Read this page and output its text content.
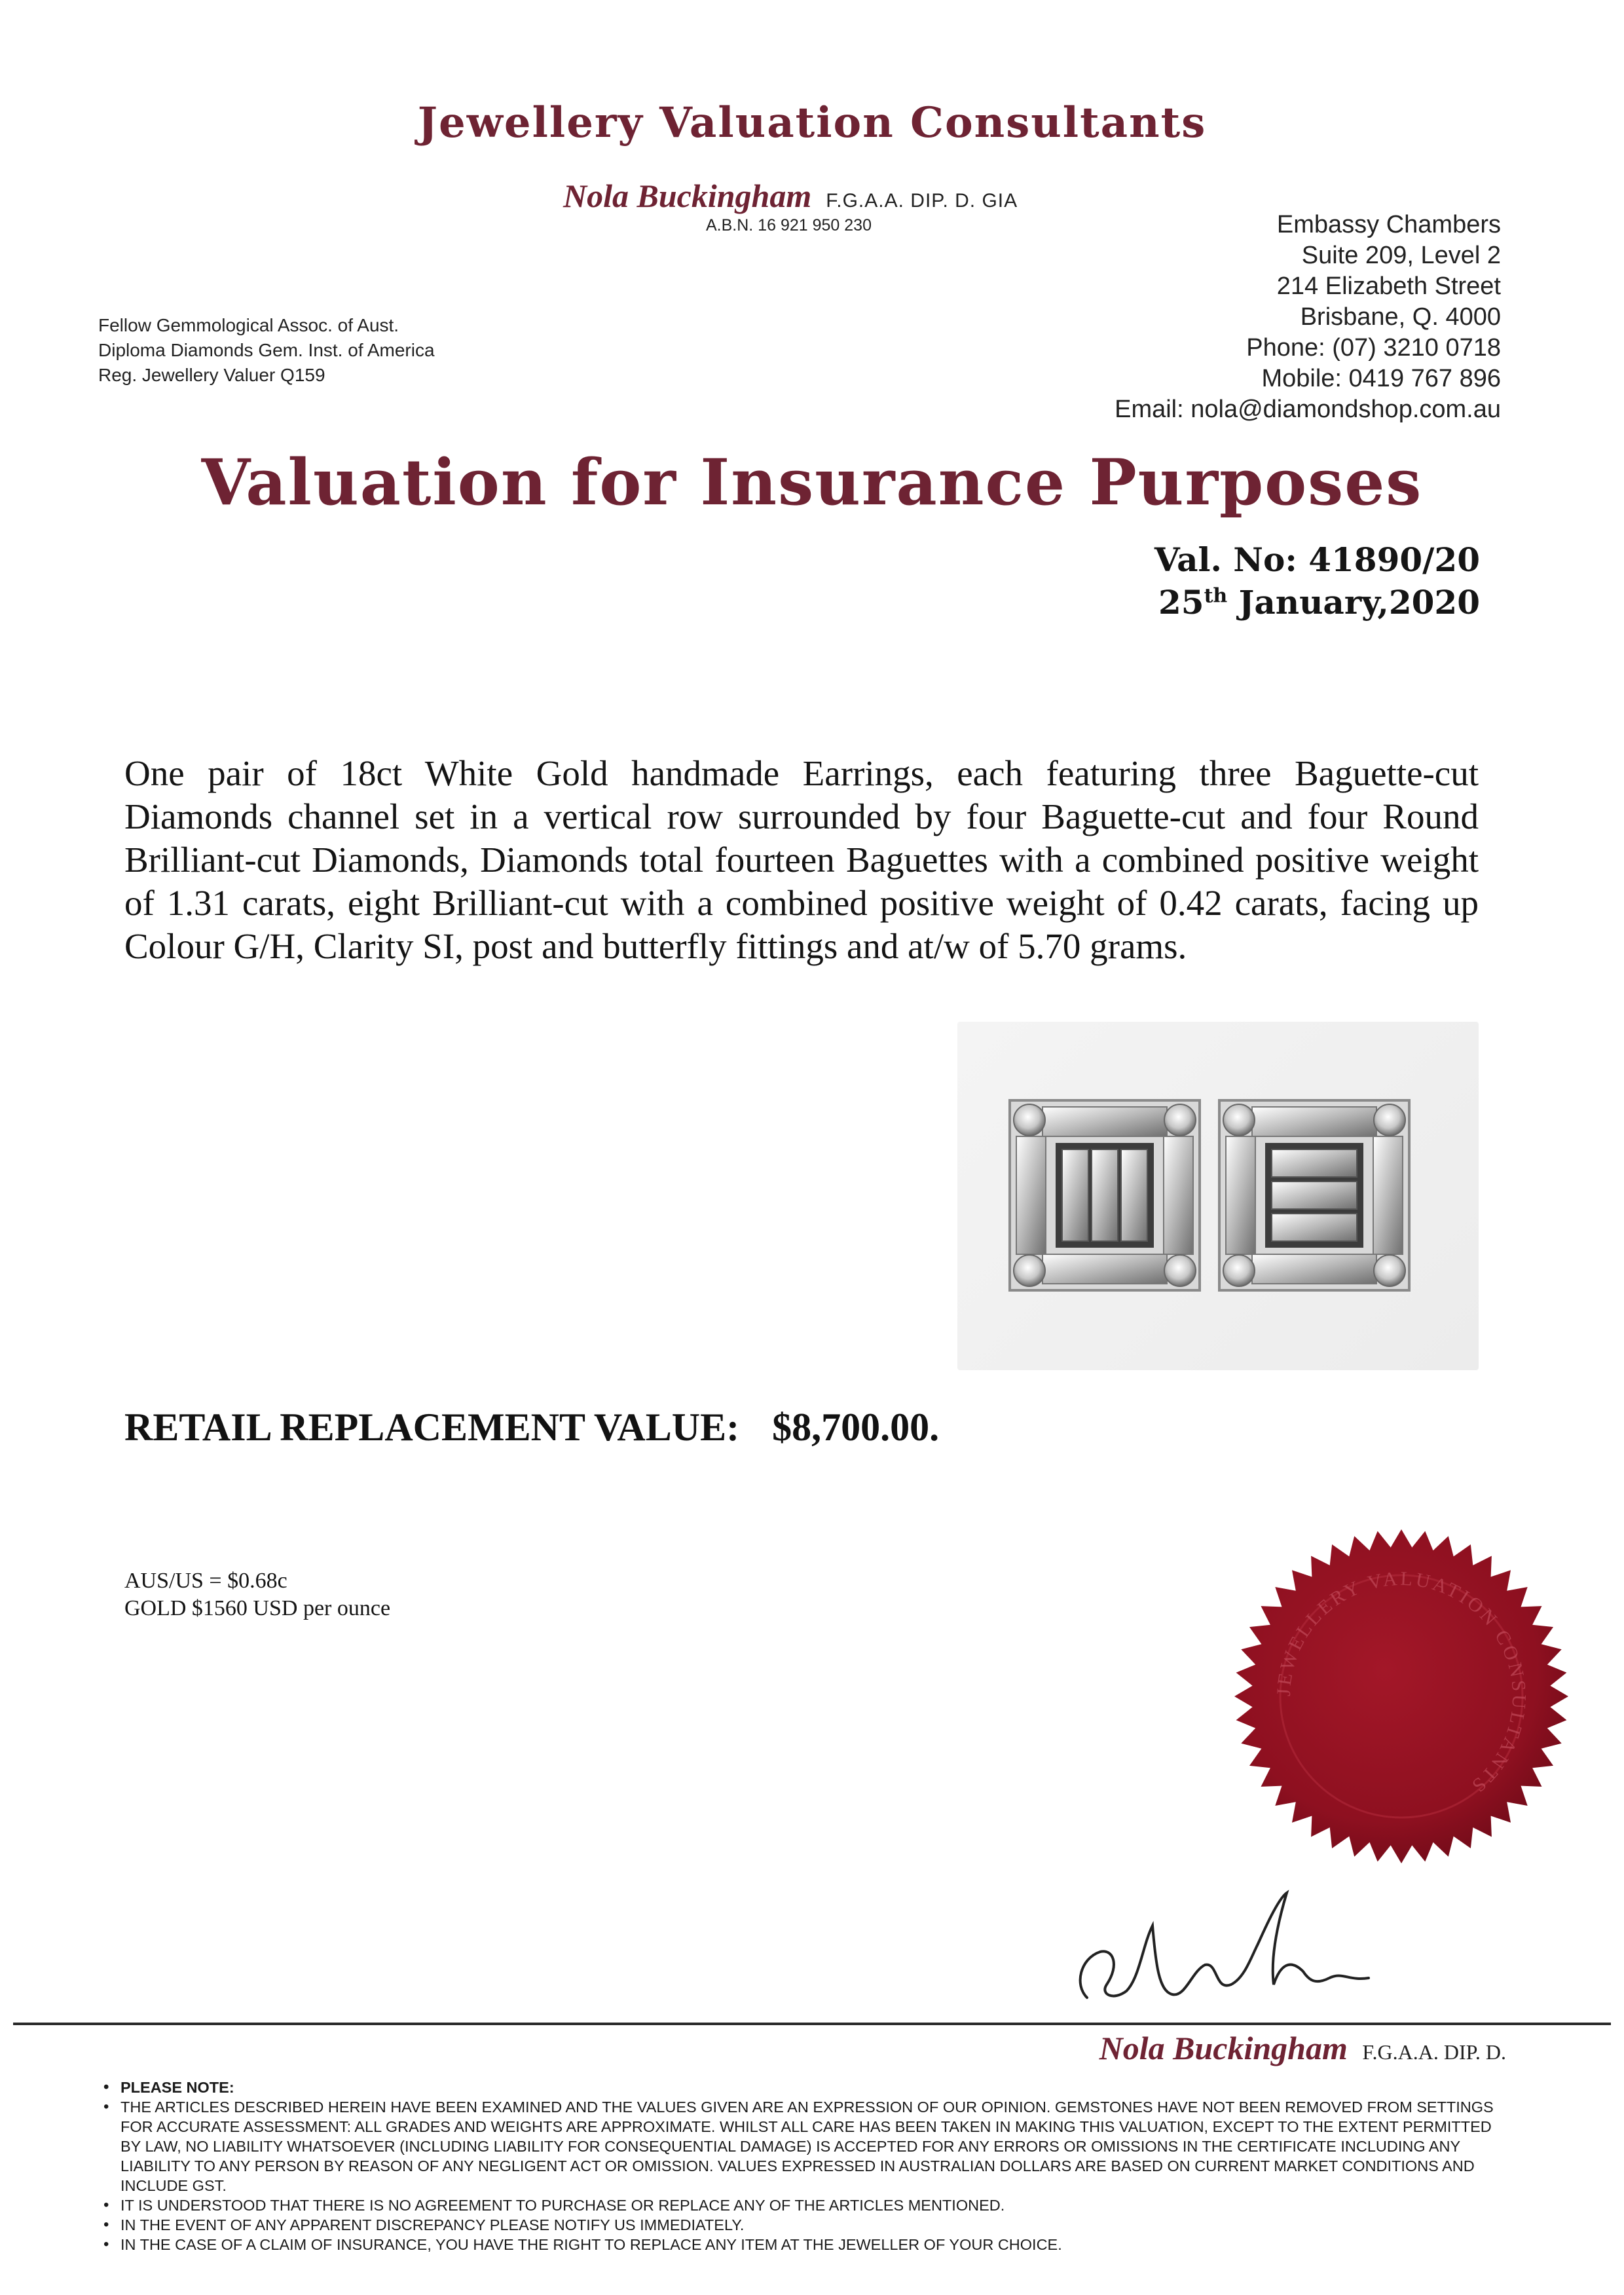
Jewellery Valuation Consultants
Nola Buckingham F.G.A.A. DIP. D. GIA
A.B.N. 16 921 950 230
Fellow Gemmological Assoc. of Aust.
Diploma Diamonds Gem. Inst. of America
Reg. Jewellery Valuer Q159
Embassy Chambers
Suite 209, Level 2
214 Elizabeth Street
Brisbane, Q. 4000
Phone: (07) 3210 0718
Mobile: 0419 767 896
Email: nola@diamondshop.com.au
Valuation for Insurance Purposes
Val. No: 41890/20
25th January,2020
One pair of 18ct White Gold handmade Earrings, each featuring three Baguette-cut Diamonds channel set in a vertical row surrounded by four Baguette-cut and four Round Brilliant-cut Diamonds, Diamonds total fourteen Baguettes with a combined positive weight of 1.31 carats, eight Brilliant-cut with a combined positive weight of 0.42 carats, facing up Colour G/H, Clarity SI, post and butterfly fittings and at/w of 5.70 grams.
RETAIL REPLACEMENT VALUE: $8,700.00.
AUS/US = $0.68c
GOLD $1560 USD per ounce
JEWELLERY VALUATION CONSULTANTS
Nola Buckingham F.G.A.A. DIP. D.
• PLEASE NOTE:
• THE ARTICLES DESCRIBED HEREIN HAVE BEEN EXAMINED AND THE VALUES GIVEN ARE AN EXPRESSION OF OUR OPINION. GEMSTONES HAVE NOT BEEN REMOVED FROM SETTINGS FOR ACCURATE ASSESSMENT: ALL GRADES AND WEIGHTS ARE APPROXIMATE. WHILST ALL CARE HAS BEEN TAKEN IN MAKING THIS VALUATION, EXCEPT TO THE EXTENT PERMITTED BY LAW, NO LIABILITY WHATSOEVER (INCLUDING LIABILITY FOR CONSEQUENTIAL DAMAGE) IS ACCEPTED FOR ANY ERRORS OR OMISSIONS IN THE CERTIFICATE INCLUDING ANY LIABILITY TO ANY PERSON BY REASON OF ANY NEGLIGENT ACT OR OMISSION. VALUES EXPRESSED IN AUSTRALIAN DOLLARS ARE BASED ON CURRENT MARKET CONDITIONS AND INCLUDE GST.
• IT IS UNDERSTOOD THAT THERE IS NO AGREEMENT TO PURCHASE OR REPLACE ANY OF THE ARTICLES MENTIONED.
• IN THE EVENT OF ANY APPARENT DISCREPANCY PLEASE NOTIFY US IMMEDIATELY.
• IN THE CASE OF A CLAIM OF INSURANCE, YOU HAVE THE RIGHT TO REPLACE ANY ITEM AT THE JEWELLER OF YOUR CHOICE.
